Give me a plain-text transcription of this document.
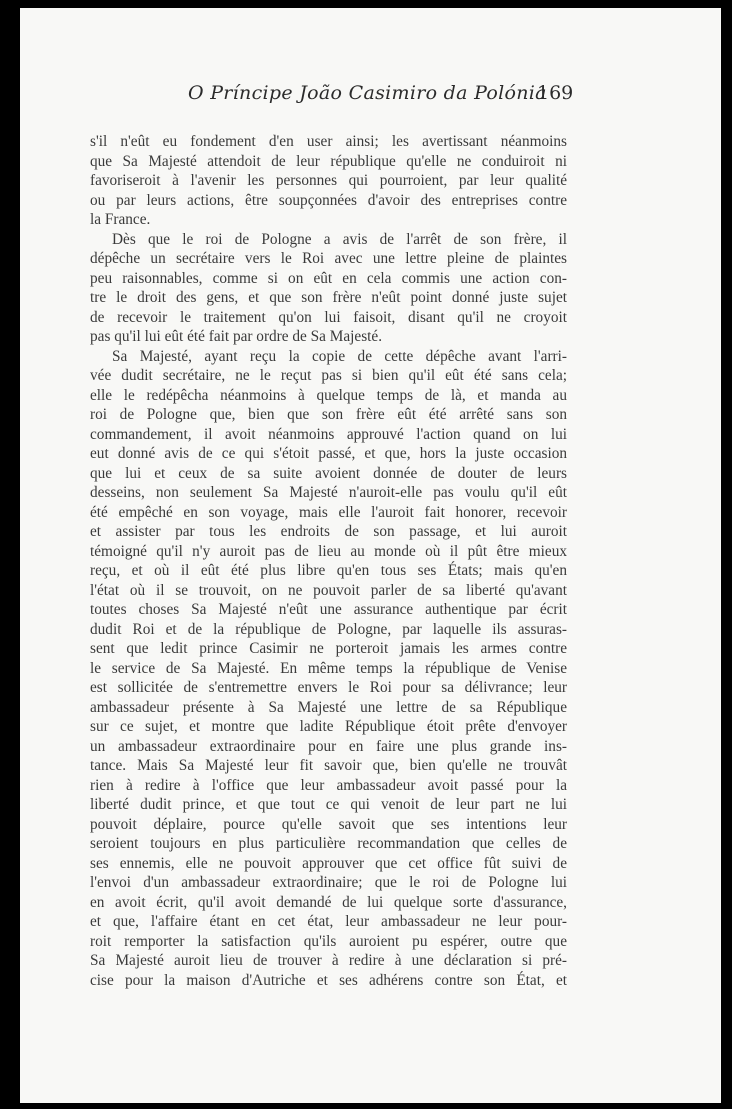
O Príncipe João Casimiro da Polónia
169
s'il n'eût eu fondement d'en user ainsi; les avertissant néanmoins
que Sa Majesté attendoit de leur république qu'elle ne conduiroit ni
favoriseroit à l'avenir les personnes qui pourroient, par leur qualité
ou par leurs actions, être soupçonnées d'avoir des entreprises contre
la France.
Dès que le roi de Pologne a avis de l'arrêt de son frère, il
dépêche un secrétaire vers le Roi avec une lettre pleine de plaintes
peu raisonnables, comme si on eût en cela commis une action con-
tre le droit des gens, et que son frère n'eût point donné juste sujet
de recevoir le traitement qu'on lui faisoit, disant qu'il ne croyoit
pas qu'il lui eût été fait par ordre de Sa Majesté.
Sa Majesté, ayant reçu la copie de cette dépêche avant l'arri-
vée dudit secrétaire, ne le reçut pas si bien qu'il eût été sans cela;
elle le redépêcha néanmoins à quelque temps de là, et manda au
roi de Pologne que, bien que son frère eût été arrêté sans son
commandement, il avoit néanmoins approuvé l'action quand on lui
eut donné avis de ce qui s'étoit passé, et que, hors la juste occasion
que lui et ceux de sa suite avoient donnée de douter de leurs
desseins, non seulement Sa Majesté n'auroit-elle pas voulu qu'il eût
été empêché en son voyage, mais elle l'auroit fait honorer, recevoir
et assister par tous les endroits de son passage, et lui auroit
témoigné qu'il n'y auroit pas de lieu au monde où il pût être mieux
reçu, et où il eût été plus libre qu'en tous ses États; mais qu'en
l'état où il se trouvoit, on ne pouvoit parler de sa liberté qu'avant
toutes choses Sa Majesté n'eût une assurance authentique par écrit
dudit Roi et de la république de Pologne, par laquelle ils assuras-
sent que ledit prince Casimir ne porteroit jamais les armes contre
le service de Sa Majesté. En même temps la république de Venise
est sollicitée de s'entremettre envers le Roi pour sa délivrance; leur
ambassadeur présente à Sa Majesté une lettre de sa République
sur ce sujet, et montre que ladite République étoit prête d'envoyer
un ambassadeur extraordinaire pour en faire une plus grande ins-
tance. Mais Sa Majesté leur fit savoir que, bien qu'elle ne trouvât
rien à redire à l'office que leur ambassadeur avoit passé pour la
liberté dudit prince, et que tout ce qui venoit de leur part ne lui
pouvoit déplaire, pource qu'elle savoit que ses intentions leur
seroient toujours en plus particulière recommandation que celles de
ses ennemis, elle ne pouvoit approuver que cet office fût suivi de
l'envoi d'un ambassadeur extraordinaire; que le roi de Pologne lui
en avoit écrit, qu'il avoit demandé de lui quelque sorte d'assurance,
et que, l'affaire étant en cet état, leur ambassadeur ne leur pour-
roit remporter la satisfaction qu'ils auroient pu espérer, outre que
Sa Majesté auroit lieu de trouver à redire à une déclaration si pré-
cise pour la maison d'Autriche et ses adhérens contre son État, et
